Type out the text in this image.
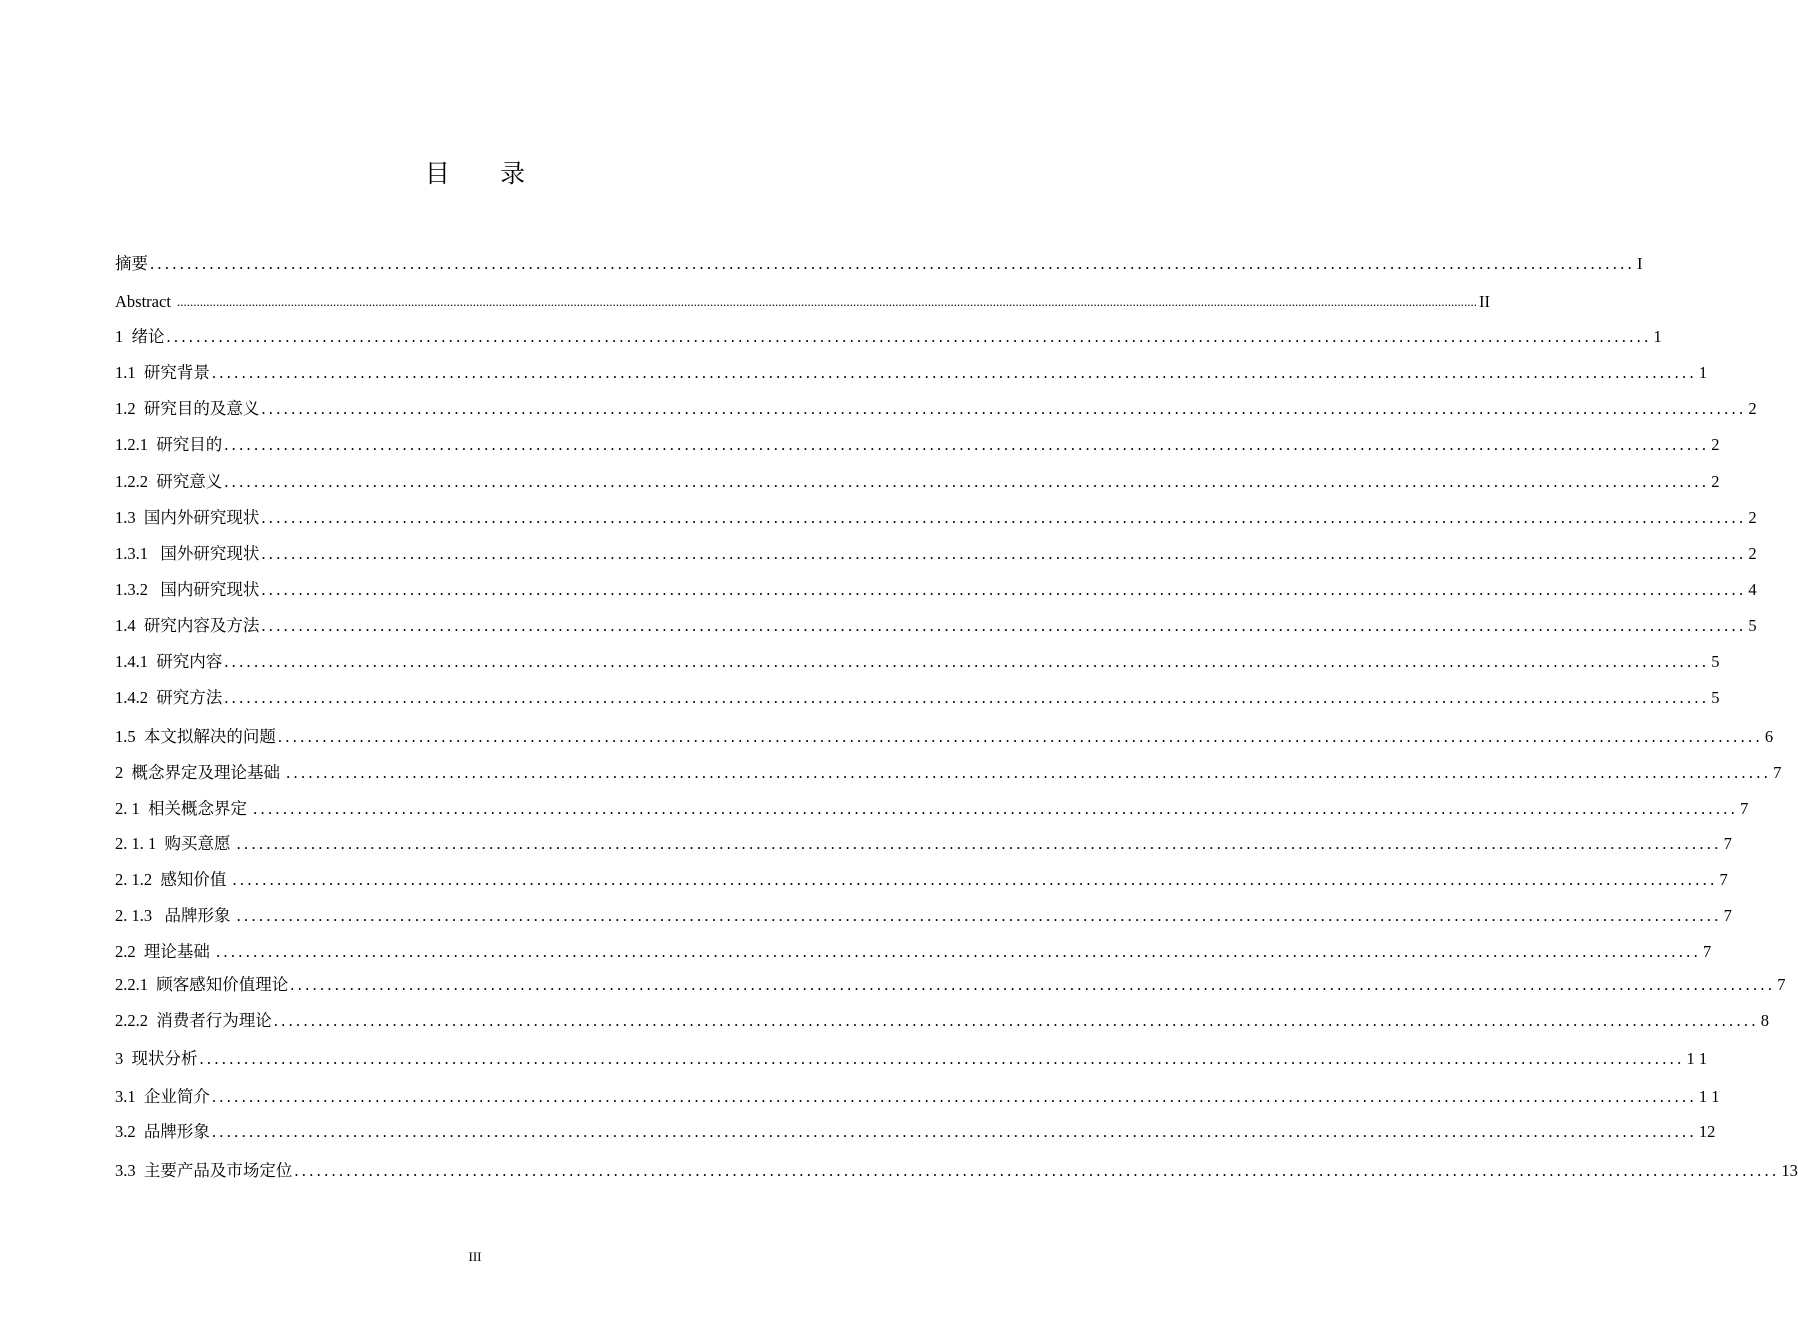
目 录
摘要 ........................................................................................................................................................................................................ I
Abstract ................................................................................................................................................................................................................................................................................................................................................................................................................ II
1  绪论 ........................................................................................................................................................................................................ 1
1.1  研究背景 ........................................................................................................................................................................................................ 1
1.2  研究目的及意义 ........................................................................................................................................................................................................ 2
1.2.1  研究目的 ........................................................................................................................................................................................................ 2
1.2.2  研究意义 ........................................................................................................................................................................................................ 2
1.3  国内外研究现状 ........................................................................................................................................................................................................ 2
1.3.1   国外研究现状 ........................................................................................................................................................................................................ 2
1.3.2   国内研究现状 ........................................................................................................................................................................................................ 4
1.4  研究内容及方法 ........................................................................................................................................................................................................ 5
1.4.1  研究内容 ........................................................................................................................................................................................................ 5
1.4.2  研究方法 ........................................................................................................................................................................................................ 5
1.5  本文拟解决的问题 ........................................................................................................................................................................................................ 6
2  概念界定及理论基础 ........................................................................................................................................................................................................ 7
2. 1  相关概念界定 ........................................................................................................................................................................................................ 7
2. 1. 1  购买意愿 ........................................................................................................................................................................................................ 7
2. 1.2  感知价值 ........................................................................................................................................................................................................ 7
2. 1.3   品牌形象 ........................................................................................................................................................................................................ 7
2.2  理论基础 ........................................................................................................................................................................................................ 7
2.2.1  顾客感知价值理论 ........................................................................................................................................................................................................ 7
2.2.2  消费者行为理论 ........................................................................................................................................................................................................ 8
3  现状分析 ........................................................................................................................................................................................................ 1 1
3.1  企业简介 ........................................................................................................................................................................................................ 1 1
3.2  品牌形象 ........................................................................................................................................................................................................ 12
3.3  主要产品及市场定位 ........................................................................................................................................................................................................ 13
III
